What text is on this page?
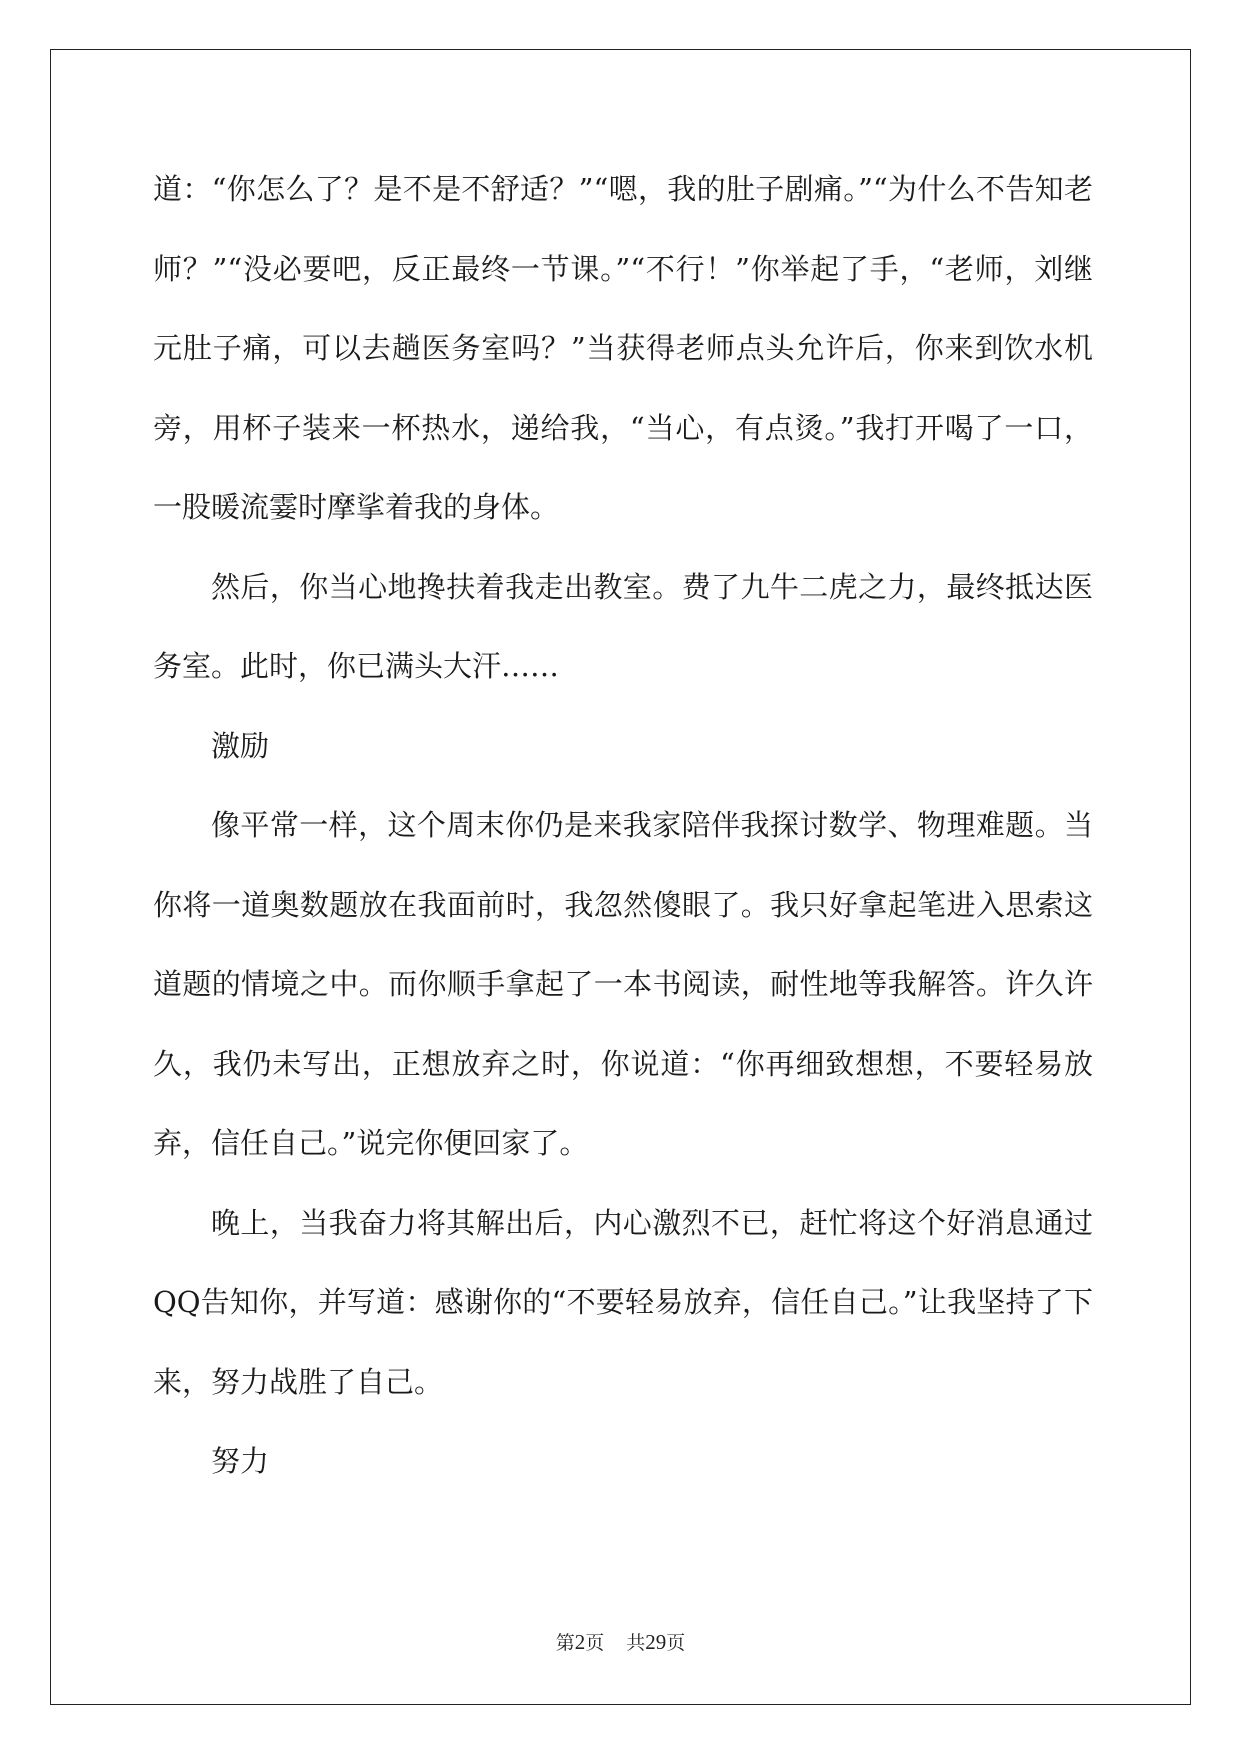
道：“你怎么了？是不是不舒适？”“嗯，我的肚子剧痛。”“为什么不告知老师？”“没必要吧，反正最终一节课。”“不行！”你举起了手，“老师，刘继元肚子痛，可以去趟医务室吗？”当获得老师点头允许后，你来到饮水机旁，用杯子装来一杯热水，递给我，“当心，有点烫。”我打开喝了一口，一股暖流霎时摩挲着我的身体。

然后，你当心地搀扶着我走出教室。费了九牛二虎之力，最终抵达医务室。此时，你已满头大汗……

激励

像平常一样，这个周末你仍是来我家陪伴我探讨数学、物理难题。当你将一道奥数题放在我面前时，我忽然傻眼了。我只好拿起笔进入思索这道题的情境之中。而你顺手拿起了一本书阅读，耐性地等我解答。许久许久，我仍未写出，正想放弃之时，你说道：“你再细致想想，不要轻易放弃，信任自己。”说完你便回家了。

晚上，当我奋力将其解出后，内心激烈不已，赶忙将这个好消息通过QQ告知你，并写道：感谢你的“不要轻易放弃，信任自己。”让我坚持了下来，努力战胜了自己。

努力

第2页 共29页
